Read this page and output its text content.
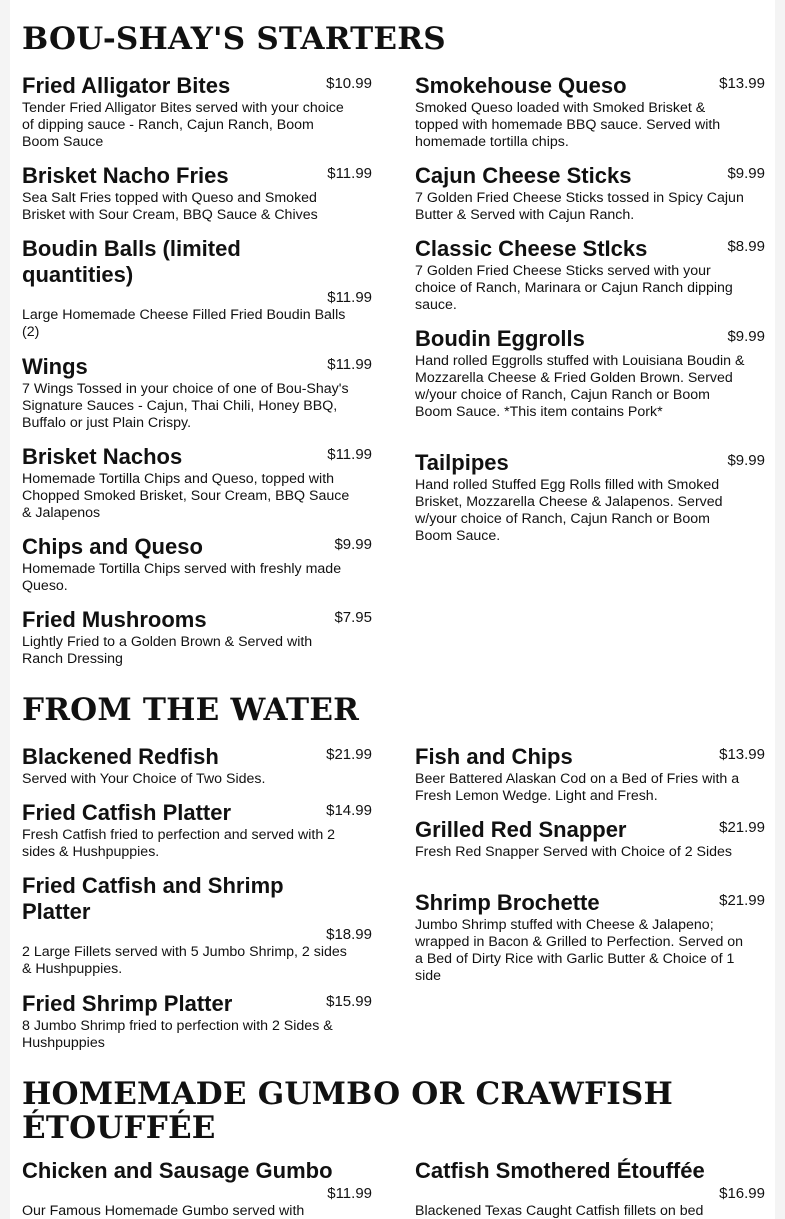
BOU-SHAY'S STARTERS
$10.99
Fried Alligator Bites
Tender Fried Alligator Bites served with your choice of dipping sauce - Ranch, Cajun Ranch, Boom Boom Sauce
$11.99
Brisket Nacho Fries
Sea Salt Fries topped with Queso and Smoked Brisket with Sour Cream, BBQ Sauce & Chives
Boudin Balls (limited quantities)
$11.99
Large Homemade Cheese Filled Fried Boudin Balls (2)
$11.99
Wings
7 Wings Tossed in your choice of one of Bou-Shay's Signature Sauces - Cajun, Thai Chili, Honey BBQ, Buffalo or just Plain Crispy.
$11.99
Brisket Nachos
Homemade Tortilla Chips and Queso, topped with Chopped Smoked Brisket, Sour Cream, BBQ Sauce & Jalapenos
$9.99
Chips and Queso
Homemade Tortilla Chips served with freshly made Queso.
$7.95
Fried Mushrooms
Lightly Fried to a Golden Brown & Served with Ranch Dressing
$13.99
Smokehouse Queso
Smoked Queso loaded with Smoked Brisket & topped with homemade BBQ sauce. Served with homemade tortilla chips.
$9.99
Cajun Cheese Sticks
7 Golden Fried Cheese Sticks tossed in Spicy Cajun Butter & Served with Cajun Ranch.
$8.99
Classic Cheese StIcks
7 Golden Fried Cheese Sticks served with your choice of Ranch, Marinara or Cajun Ranch dipping sauce.
$9.99
Boudin Eggrolls
Hand rolled Eggrolls stuffed with Louisiana Boudin & Mozzarella Cheese & Fried Golden Brown. Served w/your choice of Ranch, Cajun Ranch or Boom Boom Sauce. *This item contains Pork*
$9.99
Tailpipes
Hand rolled Stuffed Egg Rolls filled with Smoked Brisket, Mozzarella Cheese & Jalapenos. Served w/your choice of Ranch, Cajun Ranch or Boom Boom Sauce.
FROM THE WATER
$21.99
Blackened Redfish
Served with Your Choice of Two Sides.
$14.99
Fried Catfish Platter
Fresh Catfish fried to perfection and served with 2 sides & Hushpuppies.
Fried Catfish and Shrimp Platter
$18.99
2 Large Fillets served with 5 Jumbo Shrimp, 2 sides & Hushpuppies.
$15.99
Fried Shrimp Platter
8 Jumbo Shrimp fried to perfection with 2 Sides & Hushpuppies
$13.99
Fish and Chips
Beer Battered Alaskan Cod on a Bed of Fries with a Fresh Lemon Wedge. Light and Fresh.
$21.99
Grilled Red Snapper
Fresh Red Snapper Served with Choice of 2 Sides
$21.99
Shrimp Brochette
Jumbo Shrimp stuffed with Cheese & Jalapeno; wrapped in Bacon & Grilled to Perfection. Served on a Bed of Dirty Rice with Garlic Butter & Choice of 1 side
HOMEMADE GUMBO OR CRAWFISH
ÉTOUFFÉE
Chicken and Sausage Gumbo
$11.99
Our Famous Homemade Gumbo served with
Catfish Smothered Étouffée
$16.99
Blackened Texas Caught Catfish fillets on bed
